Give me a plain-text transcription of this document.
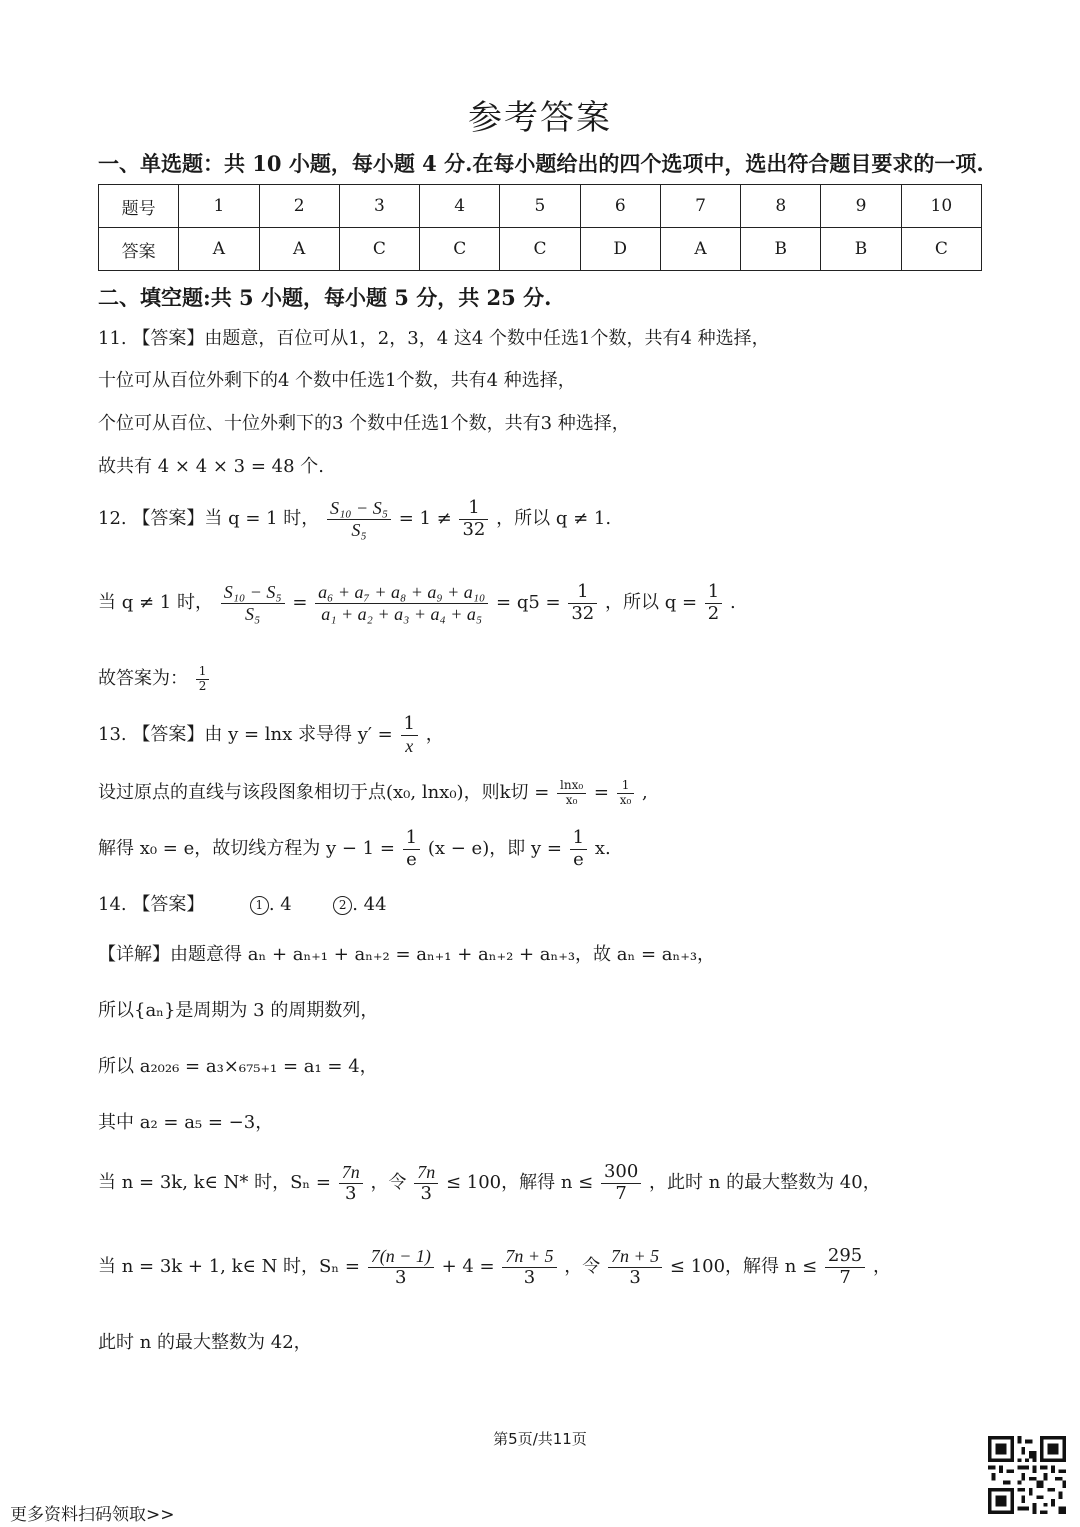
参考答案
一、单选题：共 10 小题，每小题 4 分.在每小题给出的四个选项中，选出符合题目要求的一项.
题号	1	2	3	4	5	6	7	8	9	10
答案	A	A	C	C	C	D	A	B	B	C
二、填空题:共 5 小题，每小题 5 分，共 25 分.
11. 【答案】由题意，百位可从1，2，3，4 这4 个数中任选1个数，共有4 种选择，
十位可从百位外剩下的4 个数中任选1个数，共有4 种选择，
个位可从百位、十位外剩下的3 个数中任选1个数，共有3 种选择，
故共有 4 × 4 × 3 = 48 个.
12. 【答案】当 q = 1 时， $\frac{\text{S₁₀ − S₅}}{\text{S₅}} = 1 \ne \frac{1}{32}$ ，所以 q ≠ 1.
当 q ≠ 1 时， $\frac{\text{S₁₀ − S₅}}{\text{S₅}} = \frac{\text{a₆ + a₇ + a₈ + a₉ + a₁₀}}{\text{a₁ + a₂ + a₃ + a₄ + a₅}} = q5 = \frac{1}{32}$ ，所以 $q = \frac{1}{2}$ .
故答案为： $\frac{1}{2}$
13. 【答案】由 y = lnx 求导得 $y' = \frac{1}{x}$ ，
设过原点的直线与该段图象相切于点(x₀, lnx₀)，则k切 = $\frac{\text{lnx₀}}{\text{x₀}} = \frac{1}{\text{x₀}}$ ,
解得 x₀ = e，故切线方程为 $y - 1 = \frac{1}{e} (x - e)$，即 $y = \frac{1}{e} x$.
14. 【答案】	1 . 4	2 . 44
【详解】由题意得 aₙ + aₙ₊₁ + aₙ₊₂ = aₙ₊₁ + aₙ₊₂ + aₙ₊₃，故 aₙ = aₙ₊₃，
所以{aₙ}是周期为 3 的周期数列，
所以 a₂₀₂₆ = a₃×₆₇₅₊₁ = a₁ = 4，
其中 a₂ = a₅ = −3，
当 n = 3k, k∈ N* 时，$S_n = \frac{7n}{3}$ ，令 $\frac{7n}{3} \le 100$，解得 $n \le \frac{300}{7}$ ，此时 n 的最大整数为 40，
当 n = 3k + 1, k∈ N 时，$S_n = \frac{7(n - 1)}{3} + 4 = \frac{7n + 5}{3}$ ，令 $\frac{7n + 5}{3} \le 100$，解得 $n \le \frac{295}{7}$ ，
此时 n 的最大整数为 42，
第5页/共11页
更多资料扫码领取>>
